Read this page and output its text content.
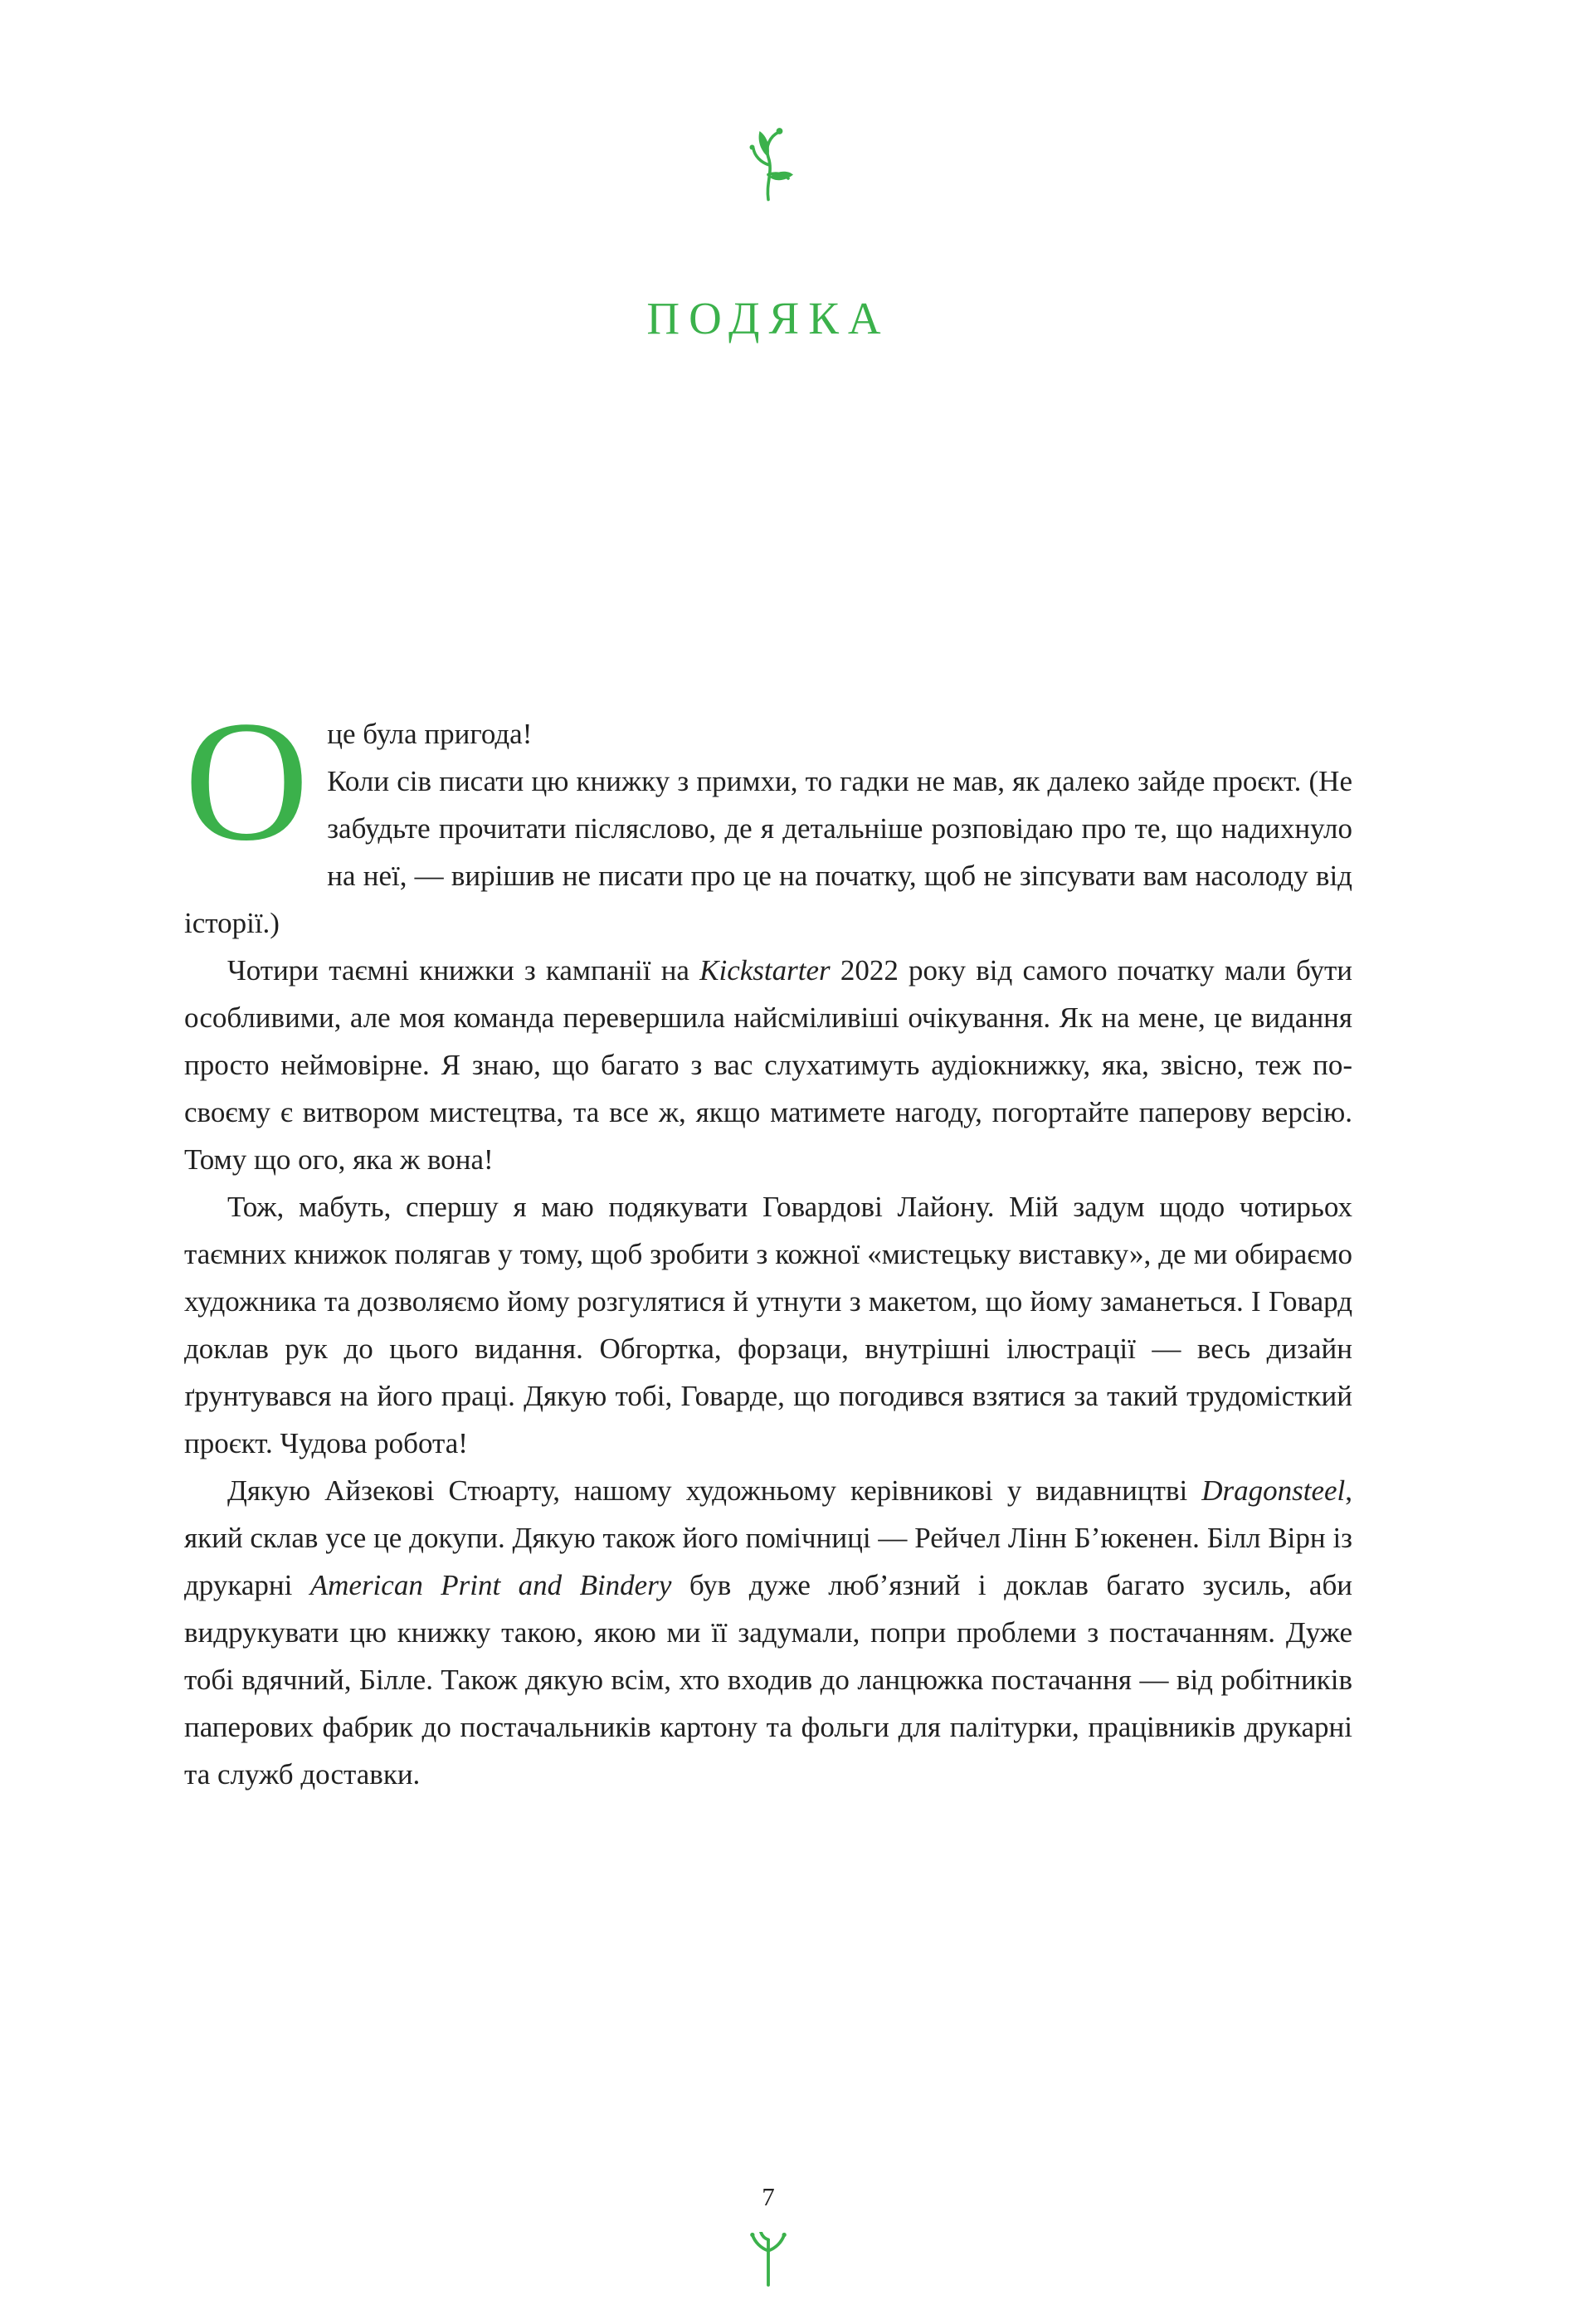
ПОДЯКА

Оце була пригода!
Коли сів писати цю книжку з примхи, то гадки не мав, як далеко зайде проєкт. (Не забудьте прочитати післяслово, де я детальніше розповідаю про те, що надихнуло на неї, — вирішив не писати про це на початку, щоб не зіпсувати вам насолоду від історії.)

Чотири таємні книжки з кампанії на Kickstarter 2022 року від самого початку мали бути особливими, але моя команда перевершила найсміливіші очікування. Як на мене, це видання просто неймовірне. Я знаю, що багато з вас слухатимуть аудіокнижку, яка, звісно, теж по-своєму є витвором мистецтва, та все ж, якщо матимете нагоду, погортайте паперову версію. Тому що ого, яка ж вона!

Тож, мабуть, спершу я маю подякувати Говардові Лайону. Мій задум щодо чотирьох таємних книжок полягав у тому, щоб зробити з кожної «мистецьку виставку», де ми обираємо художника та дозволяємо йому розгулятися й утнути з макетом, що йому заманеться. І Говард доклав рук до цього видання. Обгортка, форзаци, внутрішні ілюстрації — весь дизайн ґрунтувався на його праці. Дякую тобі, Говарде, що погодився взятися за такий трудомісткий проєкт. Чудова робота!

Дякую Айзекові Стюарту, нашому художньому керівникові у видавництві Dragonsteel, який склав усе це докупи. Дякую також його помічниці — Рейчел Лінн Б’юкенен. Білл Вірн із друкарні American Print and Bindery був дуже люб’язний і доклав багато зусиль, аби видрукувати цю книжку такою, якою ми її задумали, попри проблеми з постачанням. Дуже тобі вдячний, Білле. Також дякую всім, хто входив до ланцюжка постачання — від робітників паперових фабрик до постачальників картону та фольги для палітурки, працівників друкарні та служб доставки.

7
